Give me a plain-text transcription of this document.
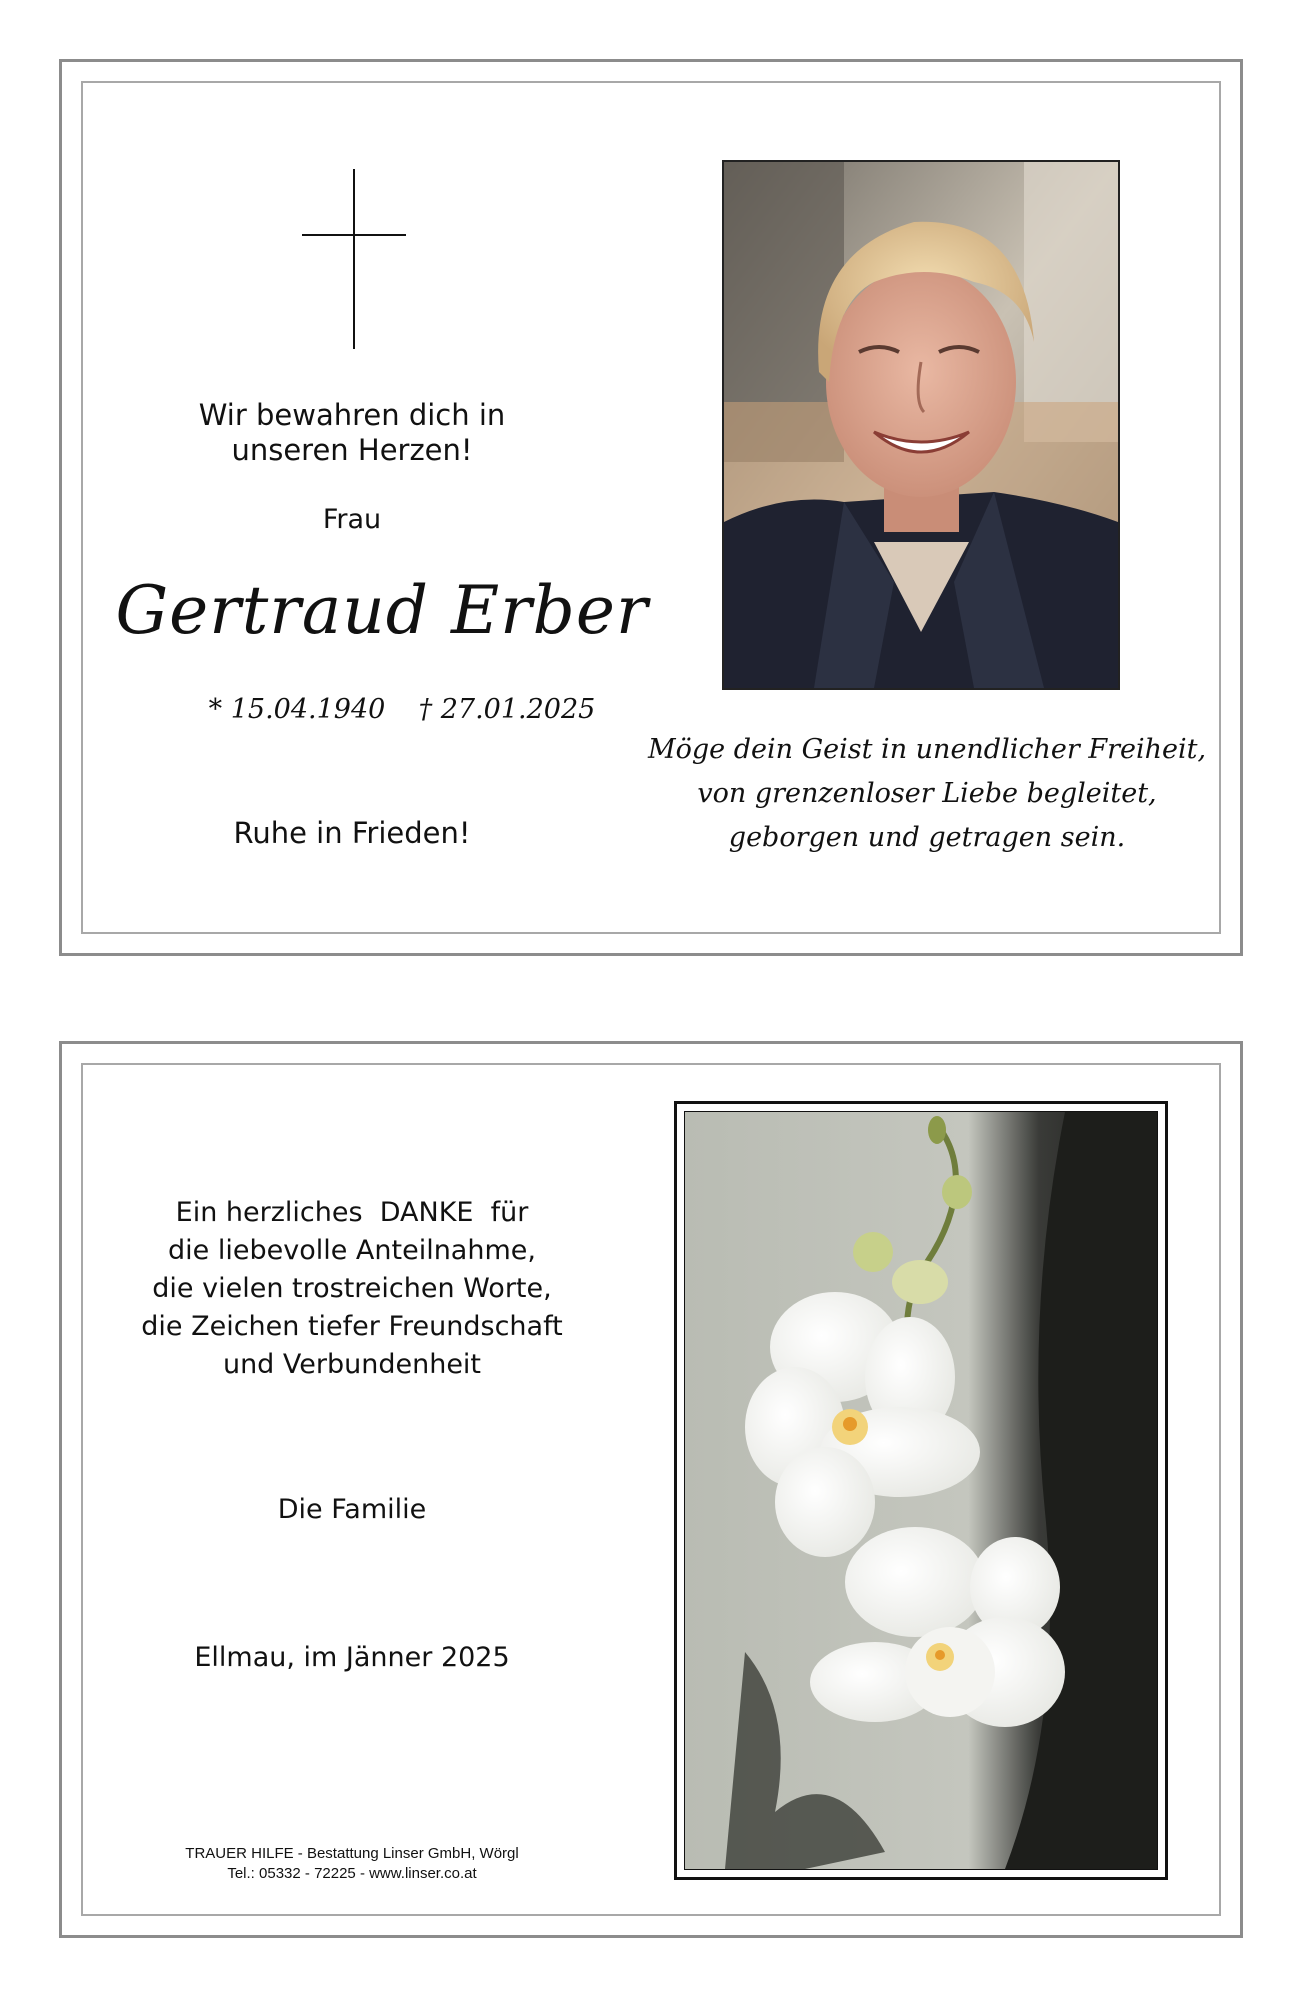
Wir bewahren dich in
unseren Herzen!
Frau
Gertraud Erber
* 15.04.1940	† 27.01.2025
Ruhe in Frieden!
Möge dein Geist in unendlicher Freiheit,
von grenzenloser Liebe begleitet,
geborgen und getragen sein.
Ein herzliches  DANKE  für
die liebevolle Anteilnahme,
die vielen trostreichen Worte,
die Zeichen tiefer Freundschaft
und Verbundenheit
Die Familie
Ellmau, im Jänner 2025
TRAUER HILFE - Bestattung Linser GmbH, Wörgl
Tel.: 05332 - 72225 - www.linser.co.at
